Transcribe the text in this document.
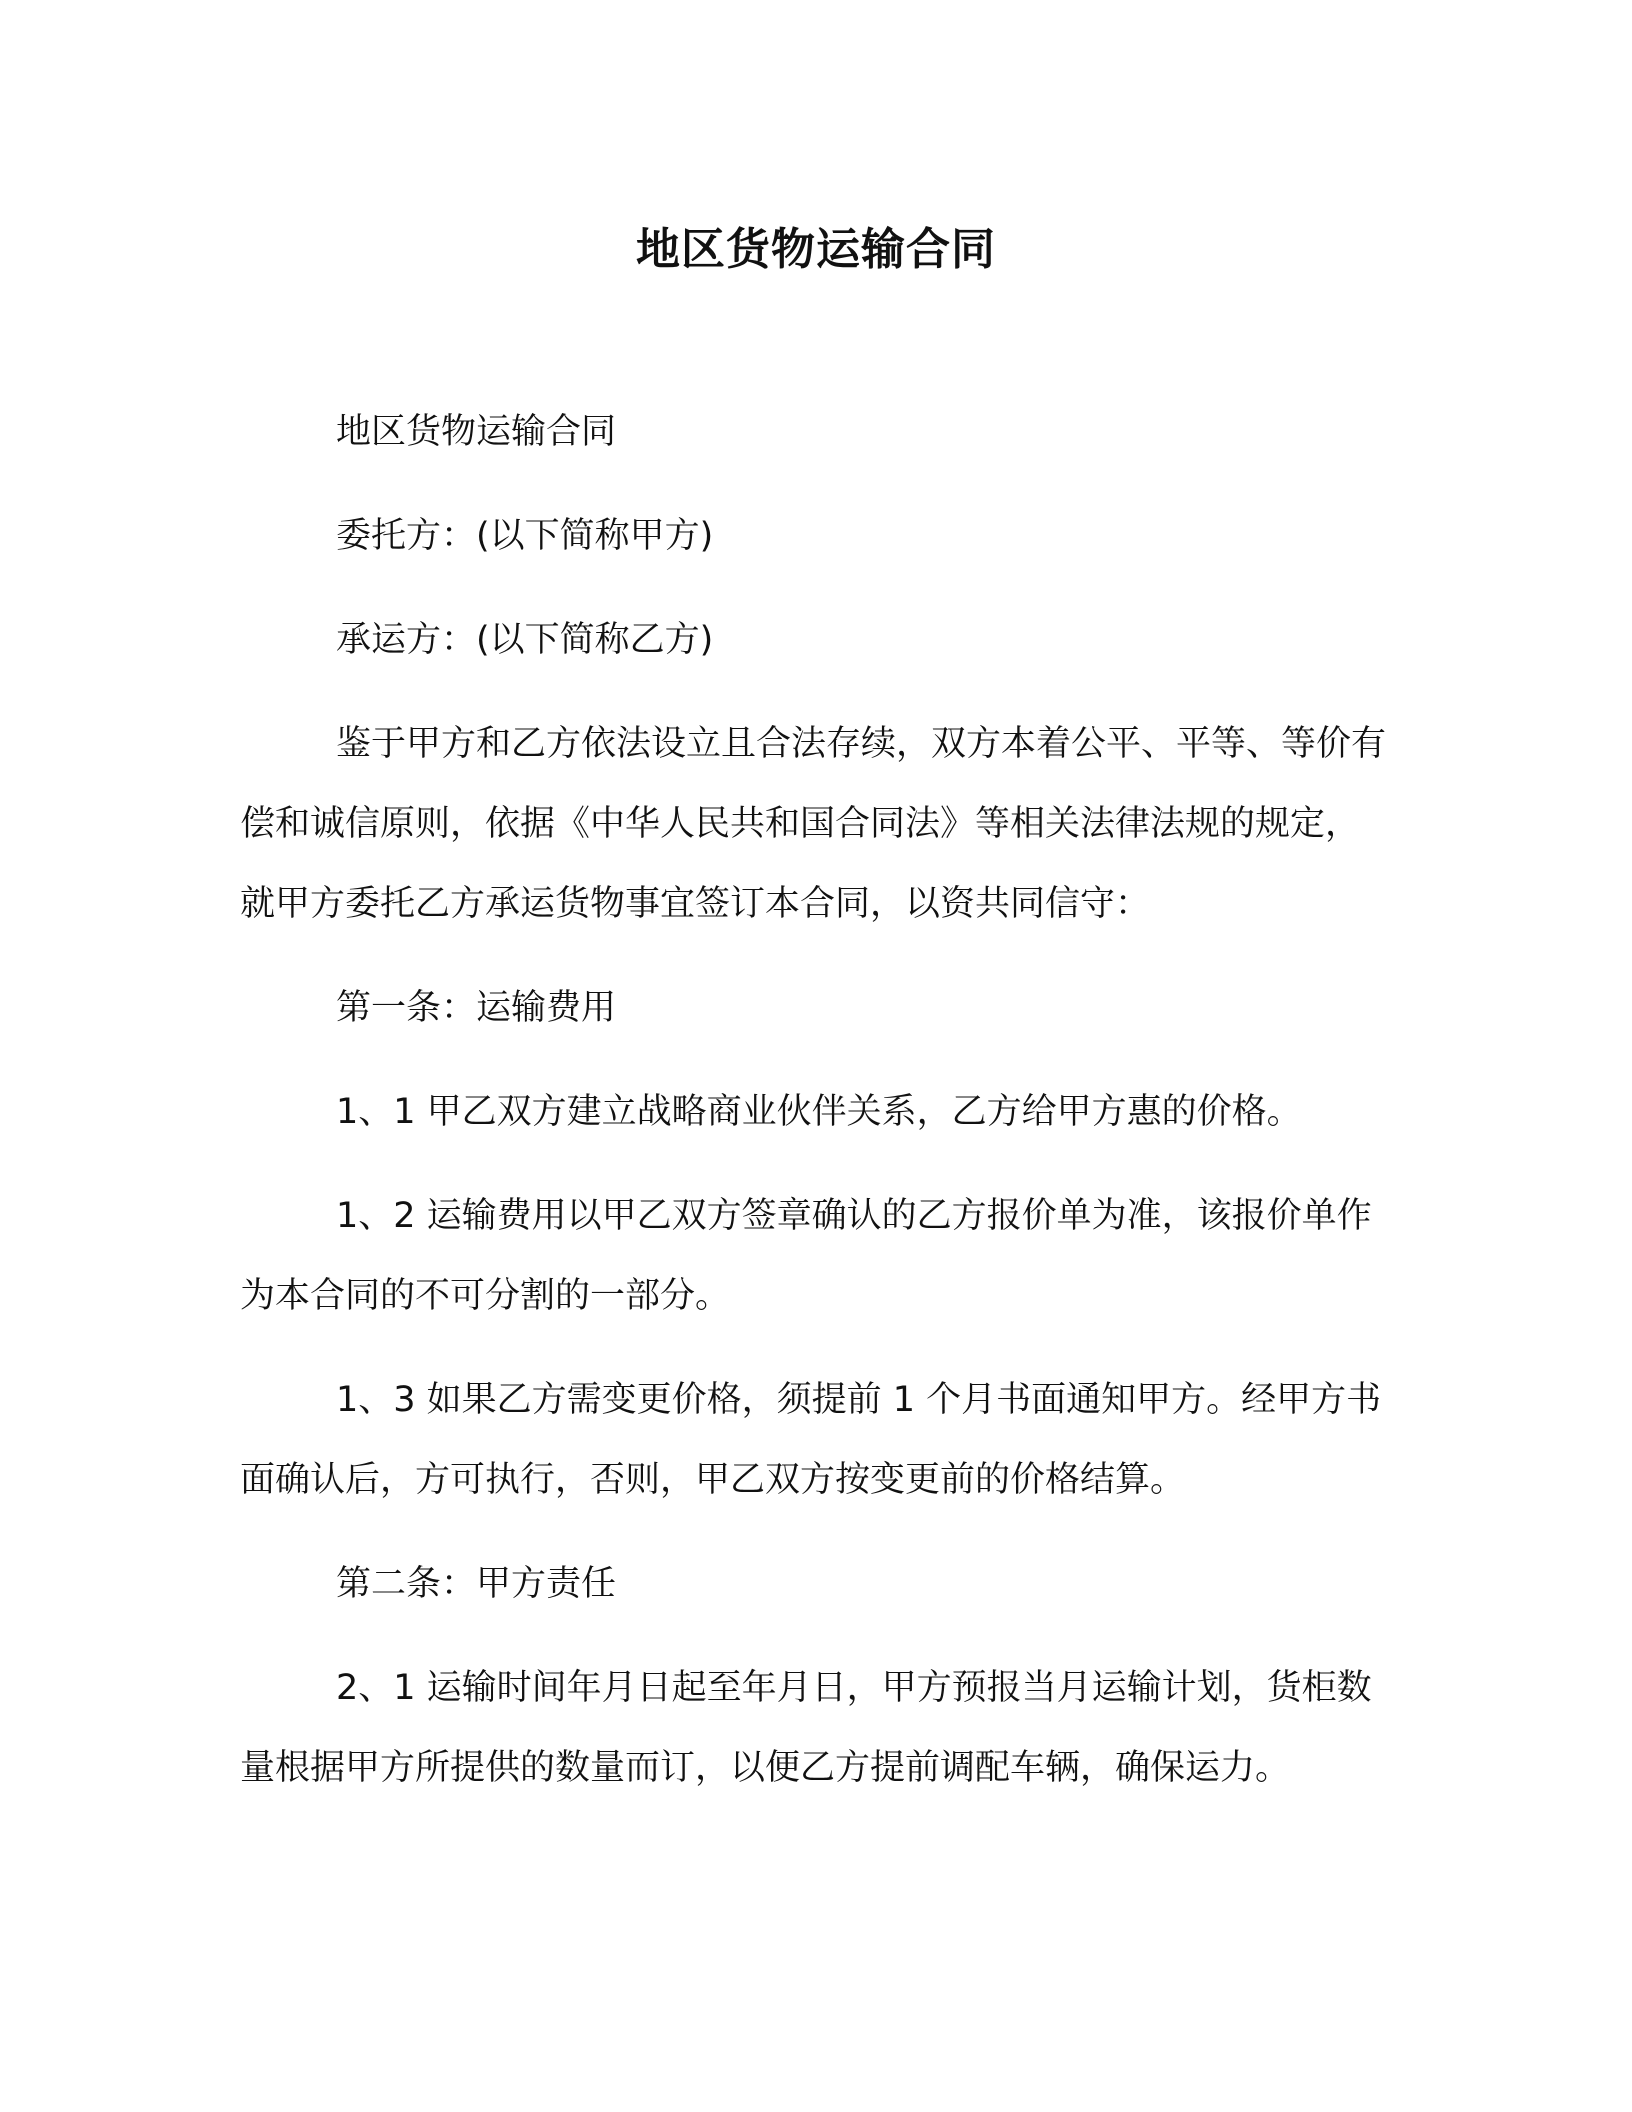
地区货物运输合同

地区货物运输合同

委托方：(以下简称甲方)

承运方：(以下简称乙方)

鉴于甲方和乙方依法设立且合法存续，双方本着公平、平等、等价有偿和诚信原则，依据《中华人民共和国合同法》等相关法律法规的规定，就甲方委托乙方承运货物事宜签订本合同，以资共同信守：

第一条：运输费用

1、1 甲乙双方建立战略商业伙伴关系，乙方给甲方惠的价格。

1、2 运输费用以甲乙双方签章确认的乙方报价单为准，该报价单作为本合同的不可分割的一部分。

1、3 如果乙方需变更价格，须提前 1 个月书面通知甲方。经甲方书面确认后，方可执行，否则，甲乙双方按变更前的价格结算。

第二条：甲方责任

2、1 运输时间年月日起至年月日，甲方预报当月运输计划，货柜数量根据甲方所提供的数量而订，以便乙方提前调配车辆，确保运力。
